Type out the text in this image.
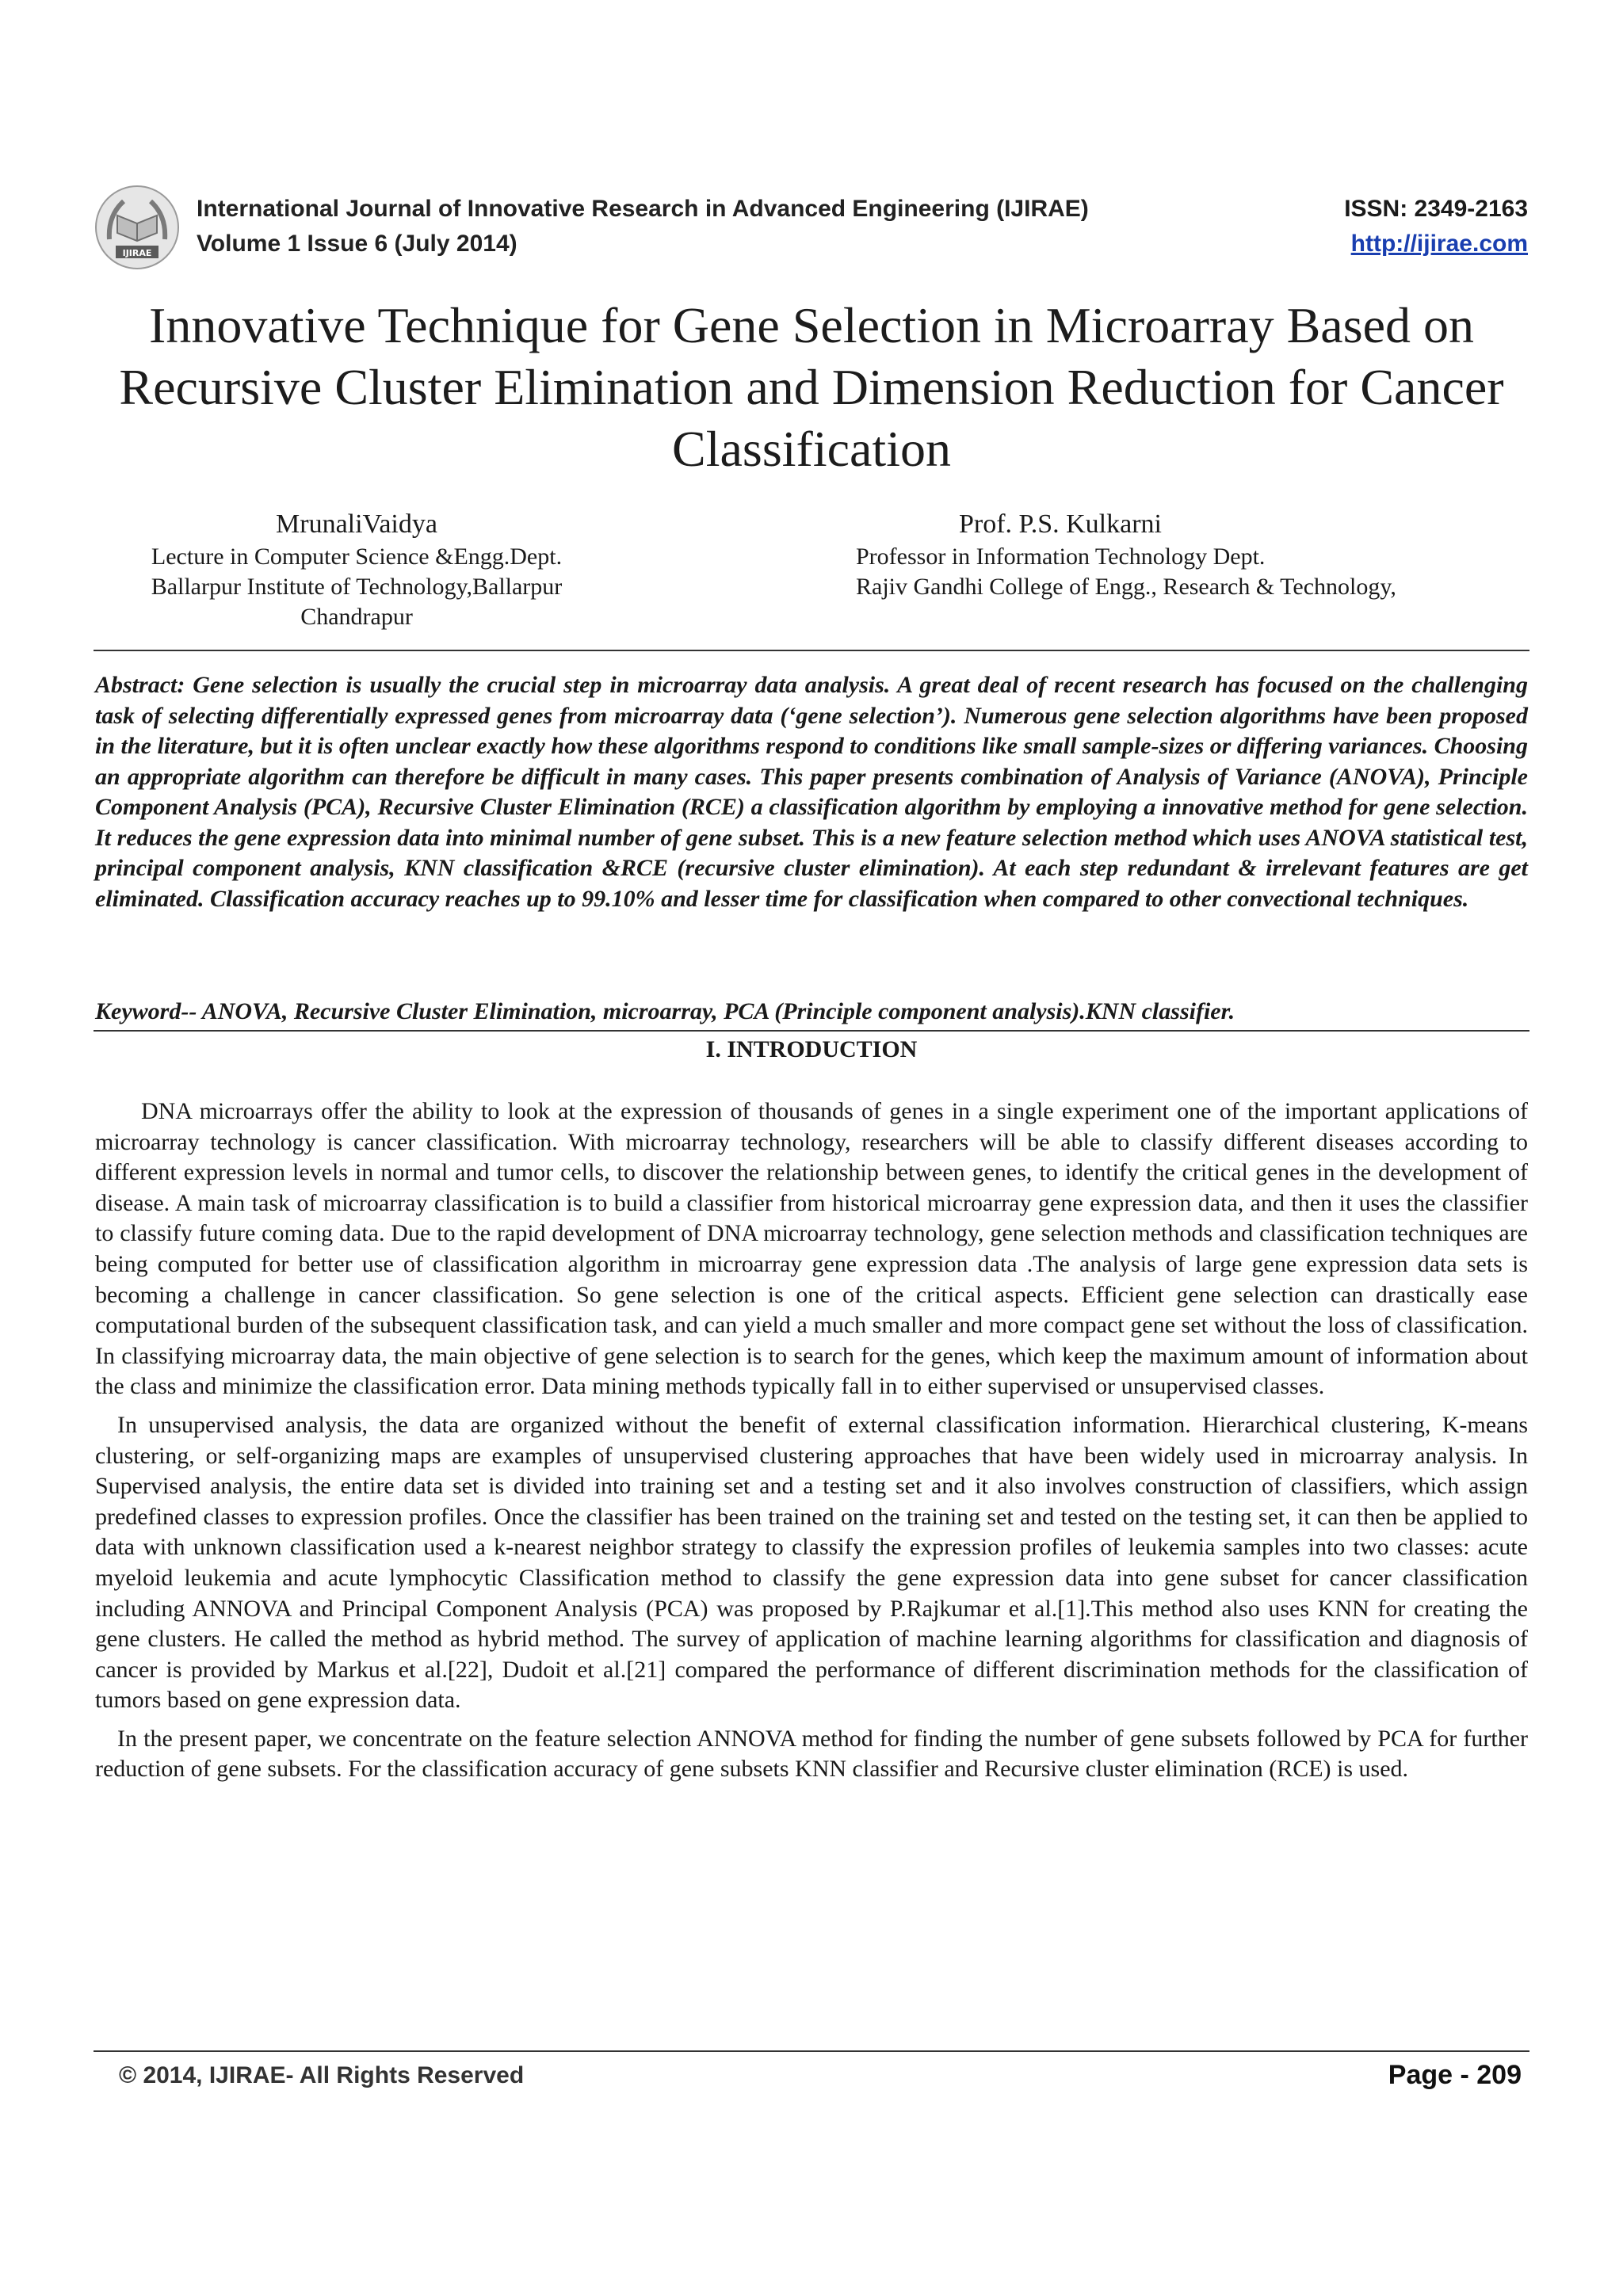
IJIRAE
International Journal of Innovative Research in Advanced Engineering (IJIRAE)
Volume 1 Issue 6 (July 2014)
ISSN: 2349-2163
http://ijirae.com
Innovative Technique for Gene Selection in Microarray Based on Recursive Cluster Elimination and Dimension Reduction for Cancer Classification
MrunaliVaidya
Lecture in Computer Science &Engg.Dept.
Ballarpur Institute of Technology,Ballarpur
Chandrapur
Prof. P.S. Kulkarni
Professor in Information Technology Dept.
Rajiv Gandhi College of Engg., Research & Technology,
Abstract: Gene selection is usually the crucial step in microarray data analysis. A great deal of recent research has focused on the challenging task of selecting differentially expressed genes from microarray data (‘gene selection’). Numerous gene selection algorithms have been proposed in the literature, but it is often unclear exactly how these algorithms respond to conditions like small sample-sizes or differing variances. Choosing an appropriate algorithm can therefore be difficult in many cases. This paper presents combination of Analysis of Variance (ANOVA), Principle Component Analysis (PCA), Recursive Cluster Elimination (RCE) a classification algorithm by employing a innovative method for gene selection. It reduces the gene expression data into minimal number of gene subset. This is a new feature selection method which uses ANOVA statistical test, principal component analysis, KNN classification &RCE (recursive cluster elimination). At each step redundant & irrelevant features are get eliminated. Classification accuracy reaches up to 99.10% and lesser time for classification when compared to other convectional techniques.
Keyword-- ANOVA, Recursive Cluster Elimination, microarray, PCA (Principle component analysis).KNN classifier.
I. INTRODUCTION

DNA microarrays offer the ability to look at the expression of thousands of genes in a single experiment one of the important applications of microarray technology is cancer classification. With microarray technology, researchers will be able to classify different diseases according to different expression levels in normal and tumor cells, to discover the relationship between genes, to identify the critical genes in the development of disease. A main task of microarray classification is to build a classifier from historical microarray gene expression data, and then it uses the classifier to classify future coming data. Due to the rapid development of DNA microarray technology, gene selection methods and classification techniques are being computed for better use of classification algorithm in microarray gene expression data .The analysis of large gene expression data sets is becoming a challenge in cancer classification. So gene selection is one of the critical aspects. Efficient gene selection can drastically ease computational burden of the subsequent classification task, and can yield a much smaller and more compact gene set without the loss of classification. In classifying microarray data, the main objective of gene selection is to search for the genes, which keep the maximum amount of information about the class and minimize the classification error. Data mining methods typically fall in to either supervised or unsupervised classes.

In unsupervised analysis, the data are organized without the benefit of external classification information. Hierarchical clustering, K-means clustering, or self-organizing maps are examples of unsupervised clustering approaches that have been widely used in microarray analysis. In Supervised analysis, the entire data set is divided into training set and a testing set and it also involves construction of classifiers, which assign predefined classes to expression profiles. Once the classifier has been trained on the training set and tested on the testing set, it can then be applied to data with unknown classification used a k-nearest neighbor strategy to classify the expression profiles of leukemia samples into two classes: acute myeloid leukemia and acute lymphocytic Classification method to classify the gene expression data into gene subset for cancer classification including ANNOVA and Principal Component Analysis (PCA) was proposed by P.Rajkumar et al.[1].This method also uses KNN for creating the gene clusters. He called the method as hybrid method. The survey of application of machine learning algorithms for classification and diagnosis of cancer is provided by Markus et al.[22], Dudoit et al.[21] compared the performance of different discrimination methods for the classification of tumors based on gene expression data.

In the present paper, we concentrate on the feature selection ANNOVA method for finding the number of gene subsets followed by PCA for further reduction of gene subsets. For the classification accuracy of gene subsets KNN classifier and Recursive cluster elimination (RCE) is used.

© 2014, IJIRAE- All Rights Reserved	Page - 209
